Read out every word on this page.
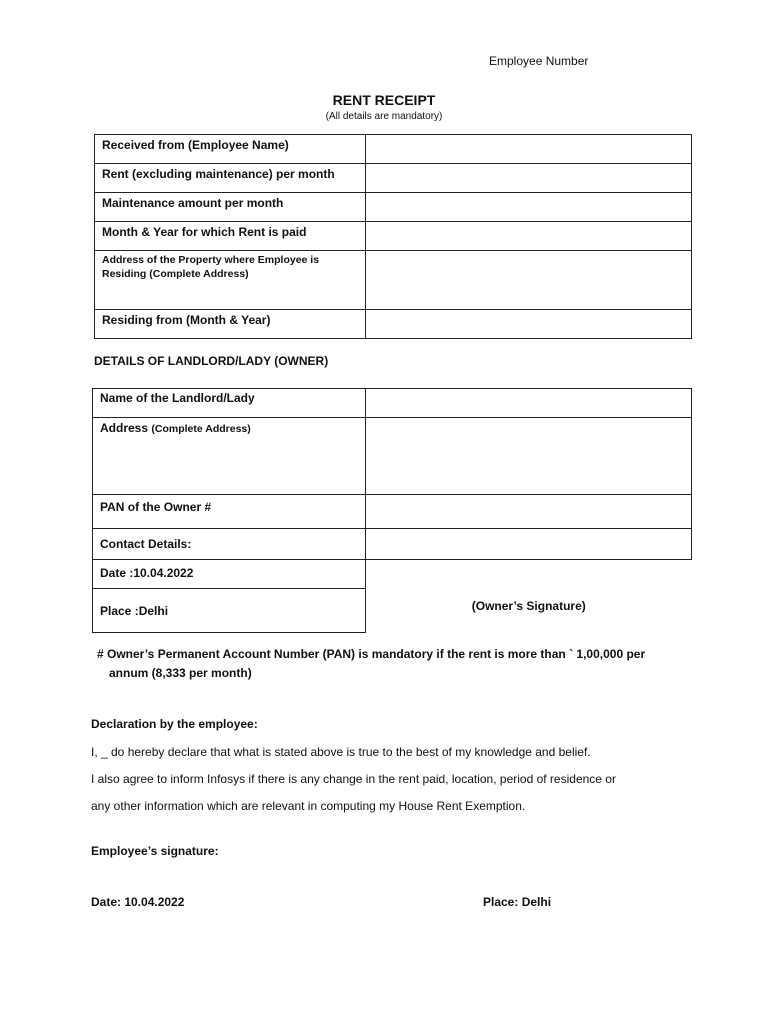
Employee Number
RENT RECEIPT
(All details are mandatory)
Received from (Employee Name)	
Rent (excluding maintenance) per month	
Maintenance amount per month	
Month & Year for which Rent is paid	
Address of the Property where Employee is Residing (Complete Address)	
Residing from (Month & Year)	
DETAILS OF LANDLORD/LADY (OWNER)
Name of the Landlord/Lady	
Address (Complete Address)	
PAN of the Owner #	
Contact Details:	
Date :10.04.2022	(Owner’s Signature)
Place :Delhi	
# Owner’s Permanent Account Number (PAN) is mandatory if the rent is more than ` 1,00,000 per
annum (8,333 per month)
Declaration by the employee:
I, _ do hereby declare that what is stated above is true to the best of my knowledge and belief.
I also agree to inform Infosys if there is any change in the rent paid, location, period of residence or
any other information which are relevant in computing my House Rent Exemption.
Employee’s signature:
Date: 10.04.2022	Place: Delhi
